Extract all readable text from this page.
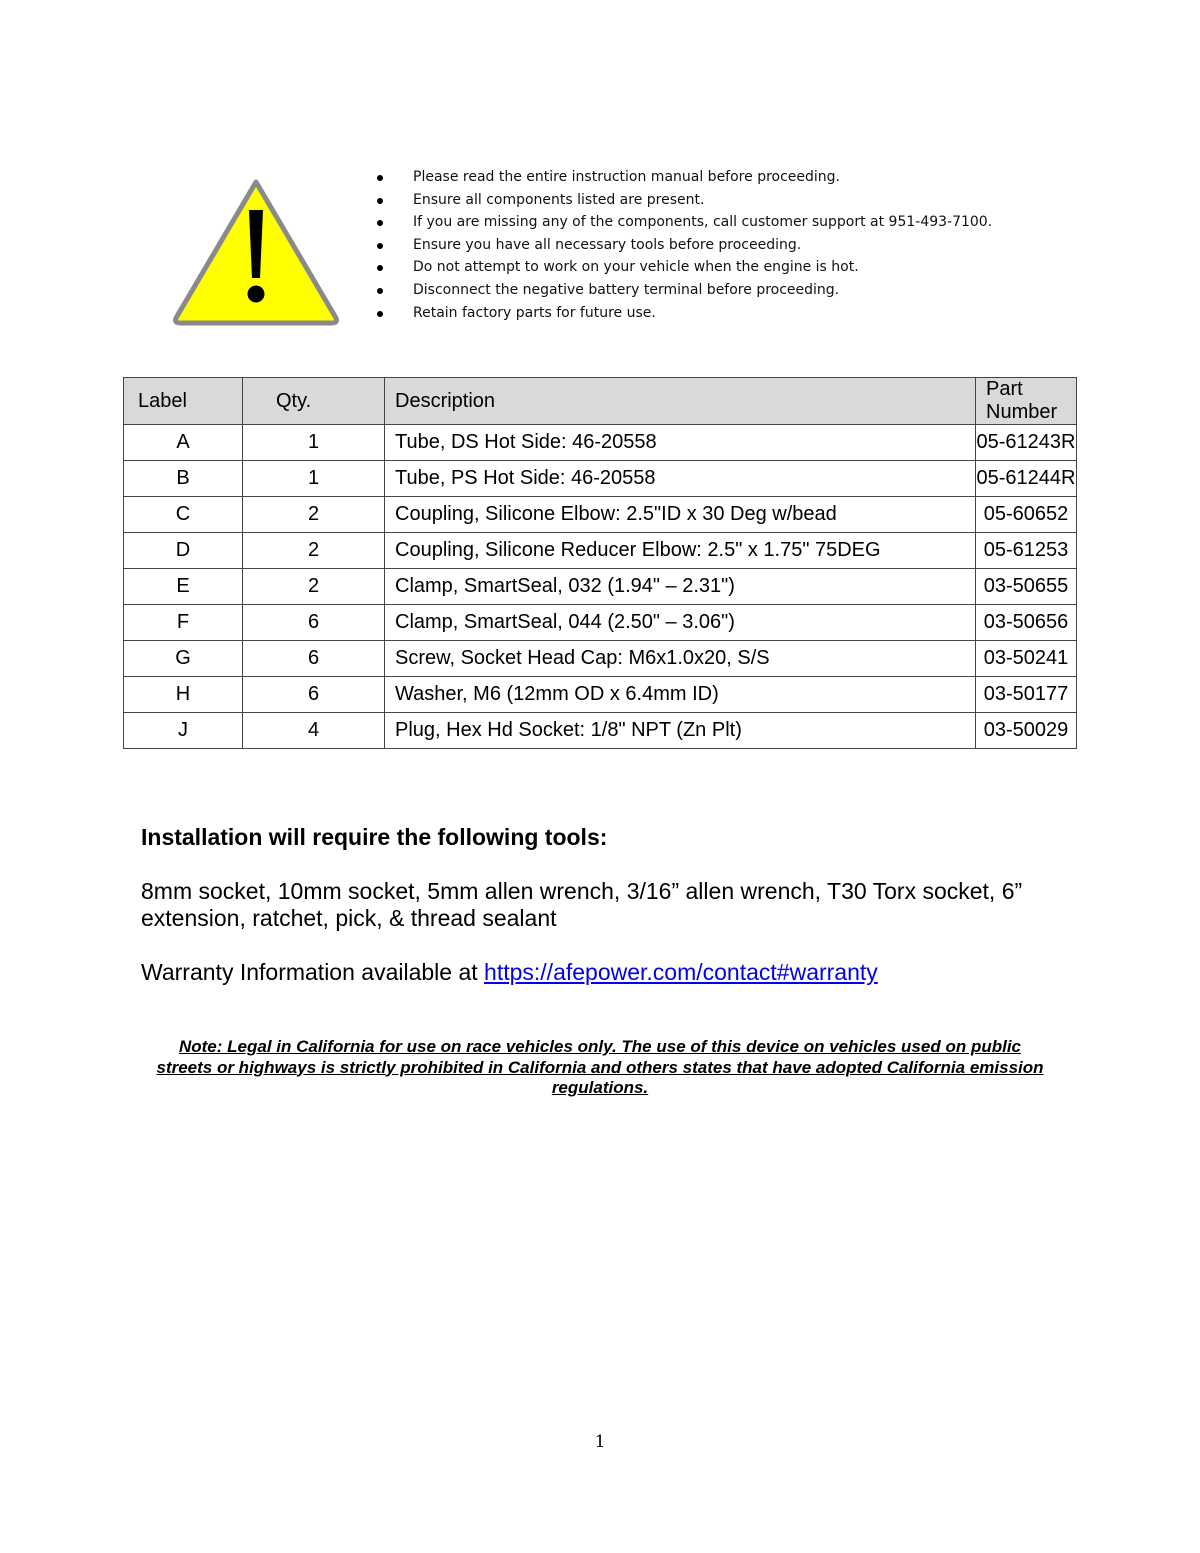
Please read the entire instruction manual before proceeding.
Ensure all components listed are present.
If you are missing any of the components, call customer support at 951-493-7100.
Ensure you have all necessary tools before proceeding.
Do not attempt to work on your vehicle when the engine is hot.
Disconnect the negative battery terminal before proceeding.
Retain factory parts for future use.
Label	Qty.	Description	Part Number
A	1	Tube, DS Hot Side: 46-20558	05-61243R
B	1	Tube, PS Hot Side: 46-20558	05-61244R
C	2	Coupling, Silicone Elbow: 2.5"ID x 30 Deg w/bead	05-60652
D	2	Coupling, Silicone Reducer Elbow: 2.5" x 1.75" 75DEG	05-61253
E	2	Clamp, SmartSeal, 032 (1.94" – 2.31")	03-50655
F	6	Clamp, SmartSeal, 044 (2.50" – 3.06")	03-50656
G	6	Screw, Socket Head Cap: M6x1.0x20, S/S	03-50241
H	6	Washer, M6 (12mm OD x 6.4mm ID)	03-50177
J	4	Plug, Hex Hd Socket: 1/8" NPT (Zn Plt)	03-50029

Installation will require the following tools:

8mm socket, 10mm socket, 5mm allen wrench, 3/16” allen wrench, T30 Torx socket, 6” extension, ratchet, pick, & thread sealant

Warranty Information available at https://afepower.com/contact#warranty

Note: Legal in California for use on race vehicles only. The use of this device on vehicles used on public streets or highways is strictly prohibited in California and others states that have adopted California emission regulations.

1
